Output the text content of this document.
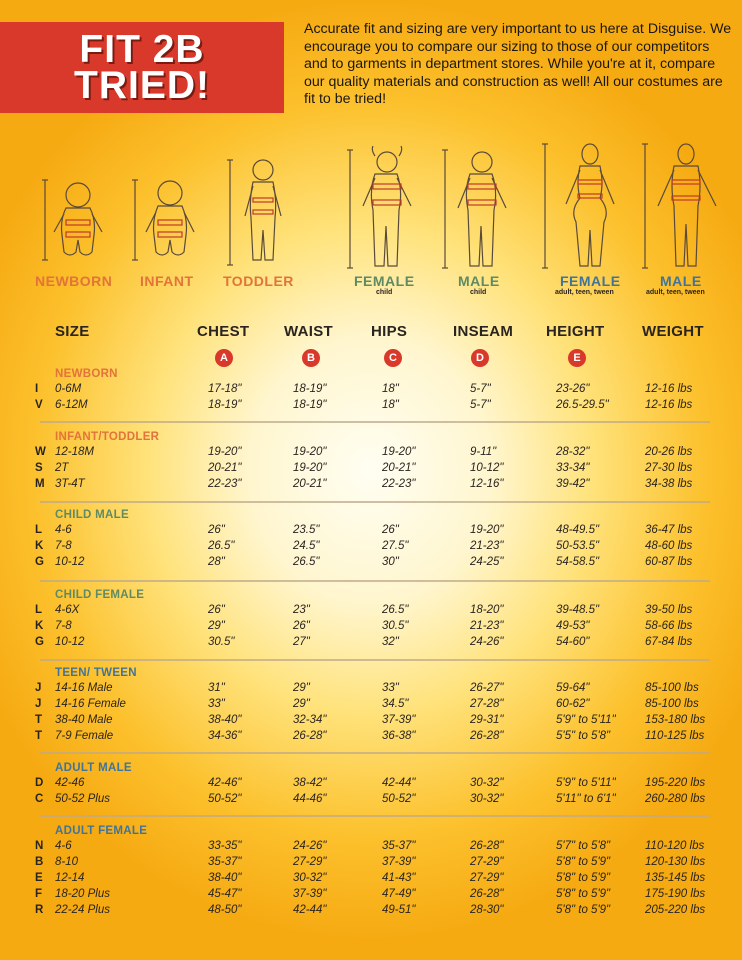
FIT 2B
TRIED!
Accurate fit and sizing are very important to us here at Disguise. We encourage you to compare our sizing to those of our competitors and to garments in department stores. While you're at it, compare our quality materials and construction as well! All our costumes are fit to be tried!
NEWBORN INFANT TODDLER	FEMALE
child
MALE
child
FEMALE
adult, teen, tween
MALE
adult, teen, tween
SIZE	CHEST WAIST	HIPS	INSEAM HEIGHT	WEIGHT
A	B	C	D	E
NEWBORN
I 0-6M	17-18"	18-19"	18"	5-7"	23-26"	12-16 lbs
V 6-12M	18-19"	18-19"	18"	5-7"	26.5-29.5"	12-16 lbs
INFANT/TODDLER
W 12-18M	19-20"	19-20"	19-20"	9-11"	28-32"	20-26 lbs
S 2T	20-21"	19-20"	20-21"	10-12"	33-34"	27-30 lbs
M 3T-4T	22-23"	20-21"	22-23"	12-16"	39-42"	34-38 lbs
CHILD MALE
L 4-6	26"	23.5"	26"	19-20"	48-49.5"	36-47 lbs
K 7-8	26.5"	24.5"	27.5"	21-23"	50-53.5"	48-60 lbs
G 10-12	28"	26.5"	30"	24-25"	54-58.5"	60-87 lbs
CHILD FEMALE
L 4-6X	26"	23"	26.5"	18-20"	39-48.5"	39-50 lbs
K 7-8	29"	26"	30.5"	21-23"	49-53"	58-66 lbs
G 10-12	30.5"	27"	32"	24-26"	54-60"	67-84 lbs
TEEN/ TWEEN
J 14-16 Male	31"	29"	33"	26-27"	59-64"	85-100 lbs
J 14-16 Female	33"	29"	34.5"	27-28"	60-62"	85-100 lbs
T 38-40 Male	38-40"	32-34"	37-39"	29-31"	5'9" to 5'11"	153-180 lbs
T 7-9 Female	34-36"	26-28"	36-38"	26-28"	5'5" to 5'8"	110-125 lbs
ADULT MALE
D 42-46	42-46"	38-42"	42-44"	30-32"	5'9" to 5'11"	195-220 lbs
C 50-52 Plus	50-52"	44-46"	50-52"	30-32"	5'11" to 6'1"	260-280 lbs
ADULT FEMALE
N 4-6	33-35"	24-26"	35-37"	26-28"	5'7" to 5'8"	110-120 lbs
B 8-10	35-37"	27-29"	37-39"	27-29"	5'8" to 5'9"	120-130 lbs
E 12-14	38-40"	30-32"	41-43"	27-29"	5'8" to 5'9"	135-145 lbs
F 18-20 Plus	45-47"	37-39"	47-49"	26-28"	5'8" to 5'9"	175-190 lbs
R 22-24 Plus	48-50"	42-44"	49-51"	28-30"	5'8" to 5'9"	205-220 lbs
